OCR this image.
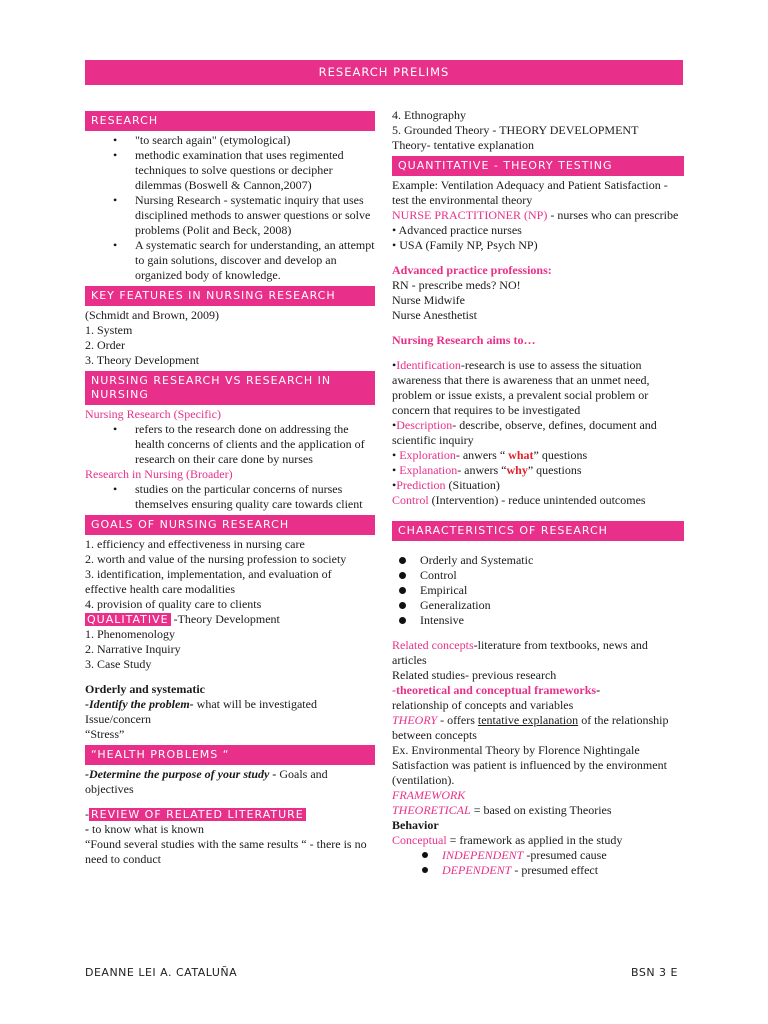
RESEARCH PRELIMS
RESEARCH
• "to search again" (etymological)
• methodic examination that uses regimented techniques to solve questions or decipher dilemmas (Boswell & Cannon,2007)
• Nursing Research - systematic inquiry that uses disciplined methods to answer questions or solve problems (Polit and Beck, 2008)
• A systematic search for understanding, an attempt to gain solutions, discover and develop an organized body of knowledge.
KEY FEATURES IN NURSING RESEARCH

(Schmidt and Brown, 2009)

1. System

2. Order

3. Theory Development

NURSING RESEARCH VS RESEARCH IN NURSING

Nursing Research (Specific)

• refers to the research done on addressing the health concerns of clients and the application of research on their care done by nurses

Research in Nursing (Broader)

• studies on the particular concerns of nurses themselves ensuring quality care towards client
GOALS OF NURSING RESEARCH

1. efficiency and effectiveness in nursing care

2. worth and value of the nursing profession to society

3. identification, implementation, and evaluation of effective health care modalities

4. provision of quality care to clients

QUALITATIVE -Theory Development

1. Phenomenology

2. Narrative Inquiry

3. Case Study

Orderly and systematic

-Identify the problem- what will be investigated

Issue/concern

“Stress”

“HEALTH PROBLEMS “

-Determine the purpose of your study - Goals and objectives

- REVIEW OF RELATED LITERATURE

- to know what is known

“Found several studies with the same results “ - there is no need to conduct

4. Ethnography

5. Grounded Theory - THEORY DEVELOPMENT

Theory- tentative explanation

QUANTITATIVE - THEORY TESTING

Example: Ventilation Adequacy and Patient Satisfaction - test the environmental theory

NURSE PRACTITIONER (NP) - nurses who can prescribe

• Advanced practice nurses

• USA (Family NP, Psych NP)

Advanced practice professions:

RN - prescribe meds? NO!

Nurse Midwife

Nurse Anesthetist

Nursing Research aims to…

•Identification-research is use to assess the situation awareness that there is awareness that an unmet need, problem or issue exists, a prevalent social problem or concern that requires to be investigated

•Description- describe, observe, defines, document and scientific inquiry

• Exploration- anwers “ what” questions

• Explanation- anwers “why” questions

•Prediction (Situation)

Control (Intervention) - reduce unintended outcomes

CHARACTERISTICS OF RESEARCH
Orderly and Systematic
Control
Empirical
Generalization
Intensive

Related concepts-literature from textbooks, news and articles

Related studies- previous research

-theoretical and conceptual frameworks-

relationship of concepts and variables

THEORY - offers tentative explanation of the relationship between concepts

Ex. Environmental Theory by Florence Nightingale

Satisfaction was patient is influenced by the environment (ventilation).

FRAMEWORK

THEORETICAL = based on existing Theories

Behavior

Conceptual = framework as applied in the study

INDEPENDENT -presumed cause
DEPENDENT - presumed effect
DEANNE LEI A. CATALUÑA	BSN 3 E
